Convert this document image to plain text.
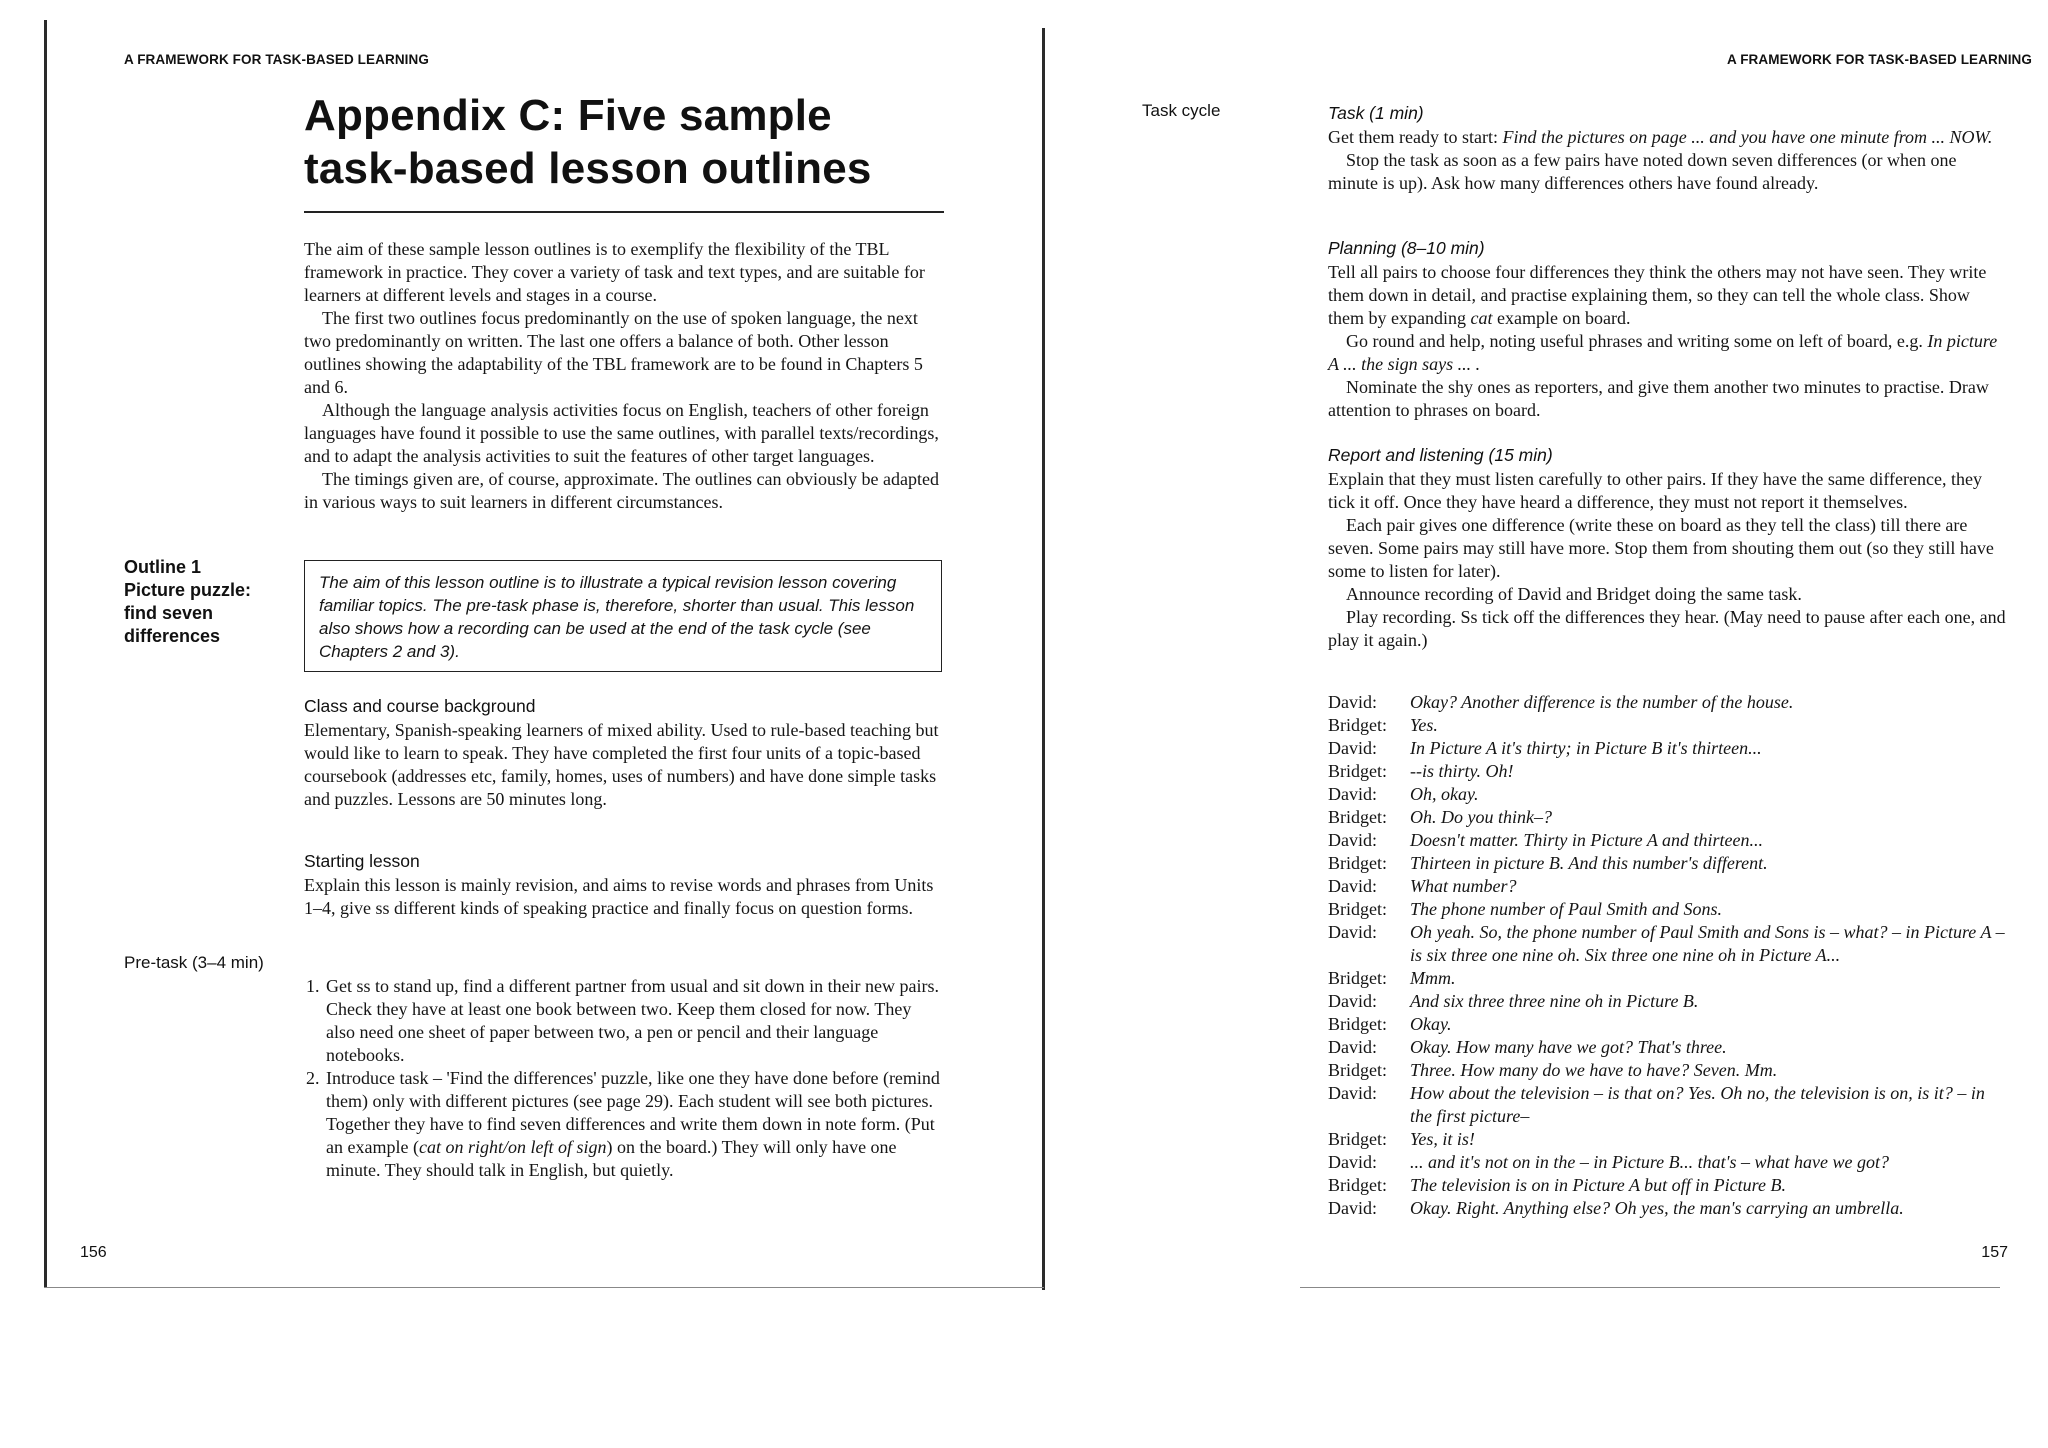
A FRAMEWORK FOR TASK-BASED LEARNING
Appendix C: Five sample
task-based lesson outlines

The aim of these sample lesson outlines is to exemplify the flexibility of the TBL framework in practice. They cover a variety of task and text types, and are suitable for learners at different levels and stages in a course.

The first two outlines focus predominantly on the use of spoken language, the next two predominantly on written. The last one offers a balance of both. Other lesson outlines showing the adaptability of the TBL framework are to be found in Chapters 5 and 6.

Although the language analysis activities focus on English, teachers of other foreign languages have found it possible to use the same outlines, with parallel texts/recordings, and to adapt the analysis activities to suit the features of other target languages.

The timings given are, of course, approximate. The outlines can obviously be adapted in various ways to suit learners in different circumstances.

Outline 1
Picture puzzle:
find seven
differences
The aim of this lesson outline is to illustrate a typical revision lesson covering familiar topics. The pre-task phase is, therefore, shorter than usual. This lesson also shows how a recording can be used at the end of the task cycle (see Chapters 2 and 3).
Class and course background

Elementary, Spanish-speaking learners of mixed ability. Used to rule-based teaching but would like to learn to speak. They have completed the first four units of a topic-based coursebook (addresses etc, family, homes, uses of numbers) and have done simple tasks and puzzles. Lessons are 50 minutes long.

Starting lesson

Explain this lesson is mainly revision, and aims to revise words and phrases from Units 1–4, give ss different kinds of speaking practice and finally focus on question forms.

Pre-task (3–4 min)
1. Get ss to stand up, find a different partner from usual and sit down in their new pairs. Check they have at least one book between two. Keep them closed for now. They also need one sheet of paper between two, a pen or pencil and their language notebooks.
2. Introduce task – 'Find the differences' puzzle, like one they have done before (remind them) only with different pictures (see page 29). Each student will see both pictures. Together they have to find seven differences and write them down in note form. (Put an example (cat on right/on left of sign) on the board.) They will only have one minute. They should talk in English, but quietly.
156
A FRAMEWORK FOR TASK-BASED LEARNING
Task cycle	Task (1 min)

Get them ready to start: Find the pictures on page ... and you have one minute from ... NOW.

Stop the task as soon as a few pairs have noted down seven differences (or when one minute is up). Ask how many differences others have found already.

Planning (8–10 min)

Tell all pairs to choose four differences they think the others may not have seen. They write them down in detail, and practise explaining them, so they can tell the whole class. Show them by expanding cat example on board.

Go round and help, noting useful phrases and writing some on left of board, e.g. In picture A ... the sign says ... .

Nominate the shy ones as reporters, and give them another two minutes to practise. Draw attention to phrases on board.

Report and listening (15 min)

Explain that they must listen carefully to other pairs. If they have the same difference, they tick it off. Once they have heard a difference, they must not report it themselves.

Each pair gives one difference (write these on board as they tell the class) till there are seven. Some pairs may still have more. Stop them from shouting them out (so they still have some to listen for later).

Announce recording of David and Bridget doing the same task.

Play recording. Ss tick off the differences they hear. (May need to pause after each one, and play it again.)

David:	Okay? Another difference is the number of the house.
Bridget:	Yes.
David:	In Picture A it's thirty; in Picture B it's thirteen...
Bridget:	--is thirty. Oh!
David:	Oh, okay.
Bridget:	Oh. Do you think–?
David:	Doesn't matter. Thirty in Picture A and thirteen...
Bridget:	Thirteen in picture B. And this number's different.
David:	What number?
Bridget:	The phone number of Paul Smith and Sons.
David:	Oh yeah. So, the phone number of Paul Smith and Sons is – what? – in Picture A – is six three one nine oh. Six three one nine oh in Picture A...
Bridget:	Mmm.
David:	And six three three nine oh in Picture B.
Bridget:	Okay.
David:	Okay. How many have we got? That's three.
Bridget:	Three. How many do we have to have? Seven. Mm.
David:	How about the television – is that on? Yes. Oh no, the television is on, is it? – in the first picture–
Bridget:	Yes, it is!
David:	... and it's not on in the – in Picture B... that's – what have we got?
Bridget:	The television is on in Picture A but off in Picture B.
David:	Okay. Right. Anything else? Oh yes, the man's carrying an umbrella.
157
